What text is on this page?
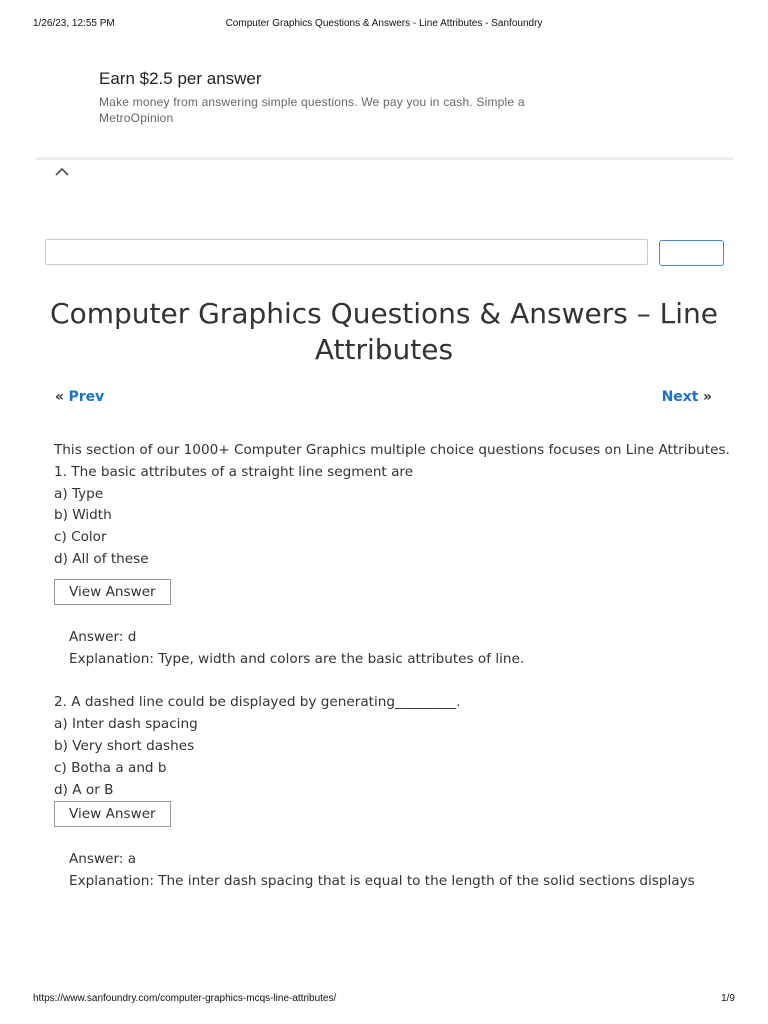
1/26/23, 12:55 PM	Computer Graphics Questions & Answers - Line Attributes - Sanfoundry
Earn $2.5 per answer
Make money from answering simple questions. We pay you in cash. Simple a
MetroOpinion
Computer Graphics Questions & Answers – Line Attributes
« Prev	Next »
This section of our 1000+ Computer Graphics multiple choice questions focuses on Line Attributes.
1. The basic attributes of a straight line segment are
a) Type
b) Width
c) Color
d) All of these
View Answer
Answer: d
Explanation: Type, width and colors are the basic attributes of line.
2. A dashed line could be displayed by generating_________.
a) Inter dash spacing
b) Very short dashes
c) Botha a and b
d) A or B
View Answer
Answer: a
Explanation: The inter dash spacing that is equal to the length of the solid sections displays
https://www.sanfoundry.com/computer-graphics-mcqs-line-attributes/	1/9
